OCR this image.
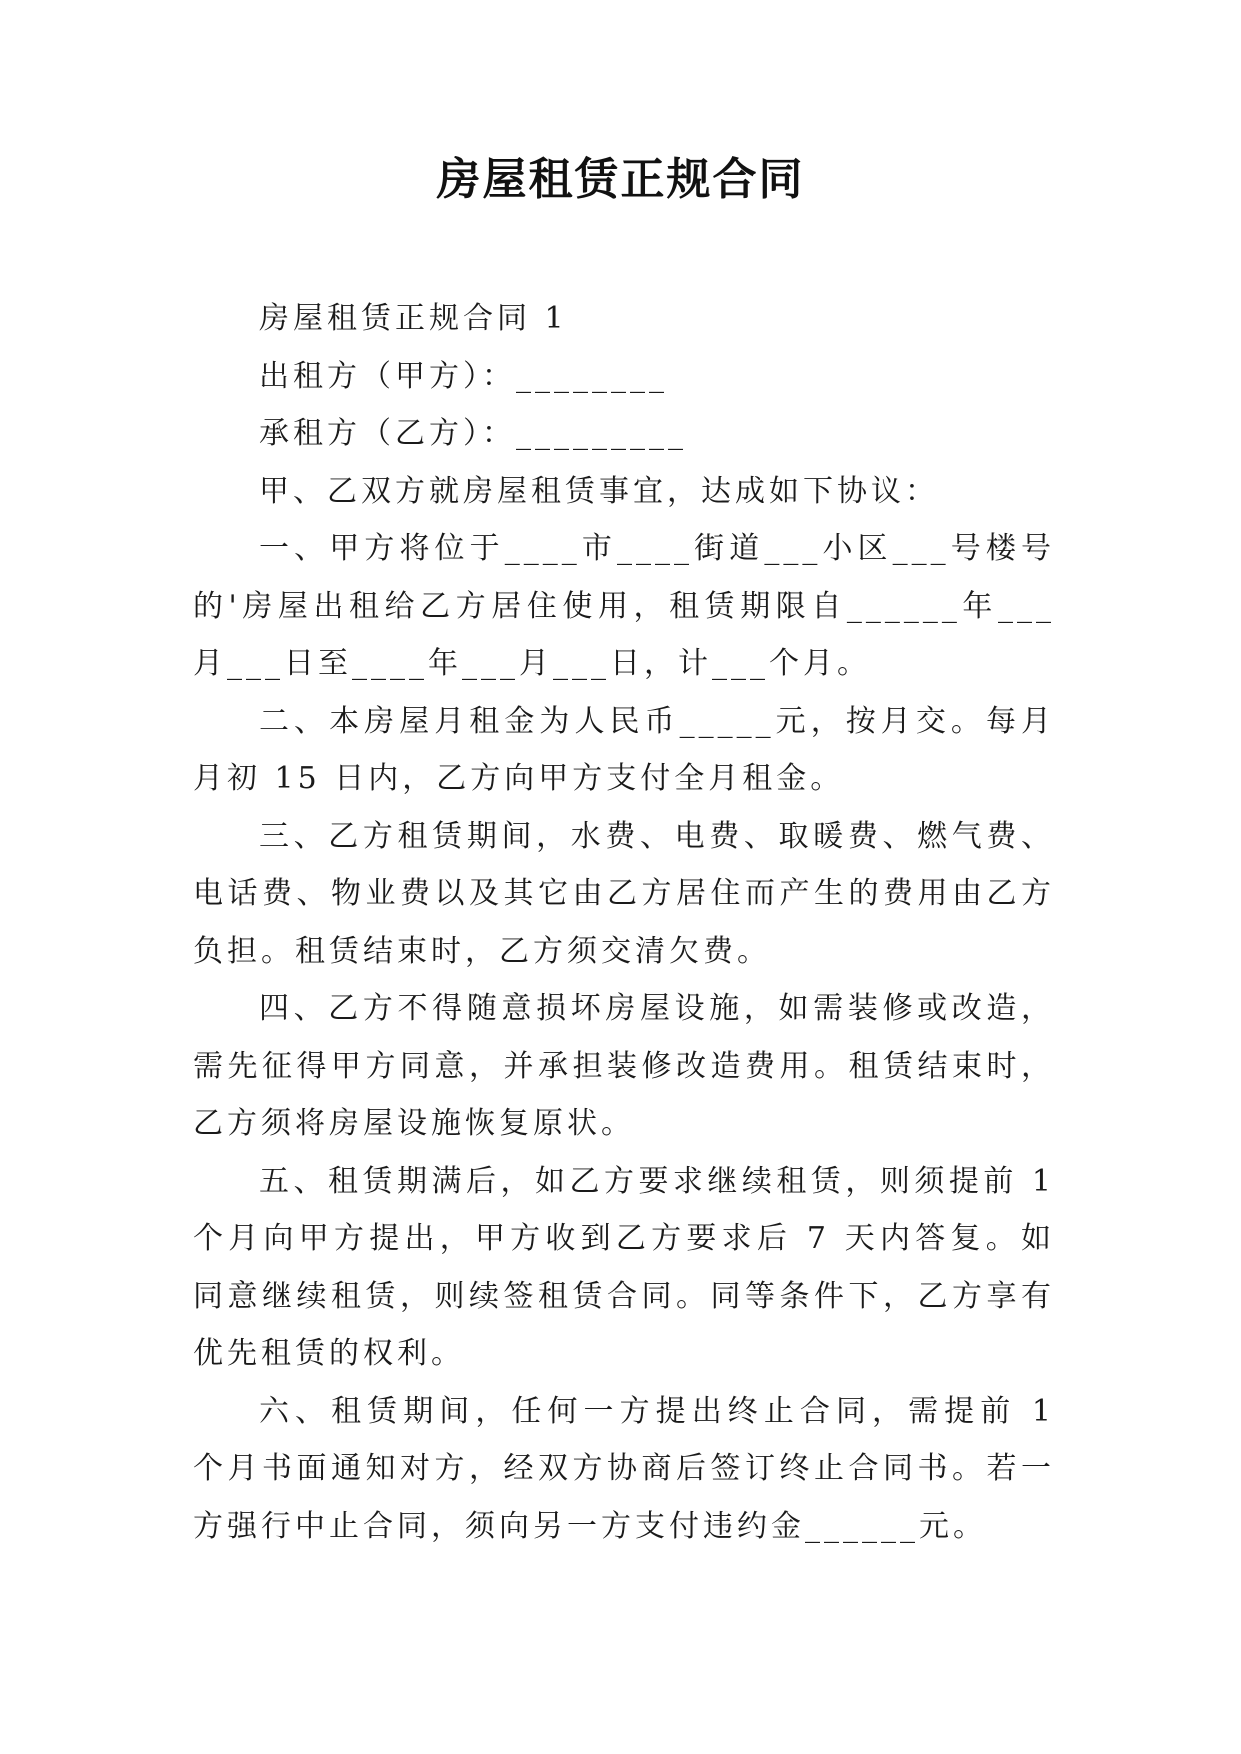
房屋租赁正规合同

房屋租赁正规合同 1

出租方（甲方）：________

承租方（乙方）：_________

甲、乙双方就房屋租赁事宜，达成如下协议：

一、甲方将位于____市____街道___小区___号楼号的'房屋出租给乙方居住使用，租赁期限自______年___月___日至____年___月___日，计___个月。

二、本房屋月租金为人民币_____元，按月交。每月月初 15 日内，乙方向甲方支付全月租金。

三、乙方租赁期间，水费、电费、取暖费、燃气费、电话费、物业费以及其它由乙方居住而产生的费用由乙方负担。租赁结束时，乙方须交清欠费。

四、乙方不得随意损坏房屋设施，如需装修或改造，需先征得甲方同意，并承担装修改造费用。租赁结束时，乙方须将房屋设施恢复原状。

五、租赁期满后，如乙方要求继续租赁，则须提前 1 个月向甲方提出，甲方收到乙方要求后 7 天内答复。如同意继续租赁，则续签租赁合同。同等条件下，乙方享有优先租赁的权利。

六、租赁期间，任何一方提出终止合同，需提前 1 个月书面通知对方，经双方协商后签订终止合同书。若一方强行中止合同，须向另一方支付违约金______元。
